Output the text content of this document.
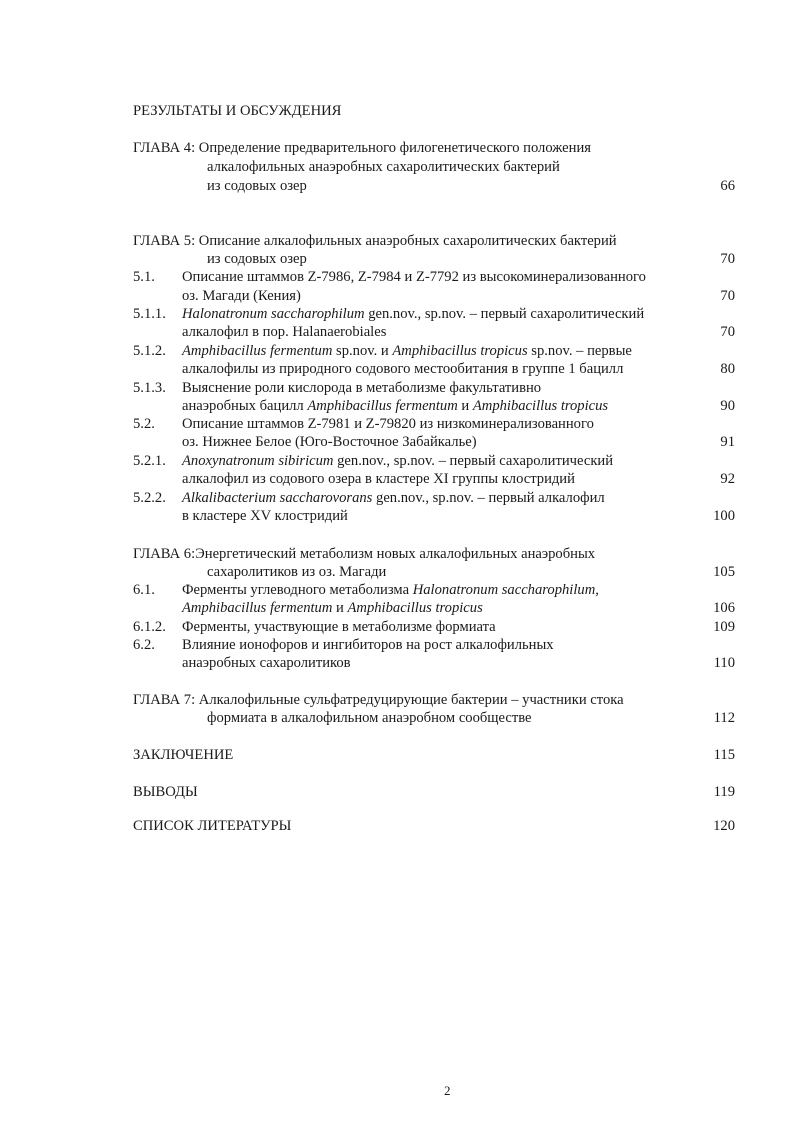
РЕЗУЛЬТАТЫ И ОБСУЖДЕНИЯ
ГЛАВА 4: Определение предварительного филогенетического положения
алкалофильных анаэробных сахаролитических бактерий
из содовых озер	66
ГЛАВА 5: Описание алкалофильных анаэробных сахаролитических бактерий
из содовых озер	70
5.1. Описание штаммов Z-7986, Z-7984 и Z-7792 из высокоминерализованного
оз. Магади (Кения)	70
5.1.1. Halonatronum saccharophilum gen.nov., sp.nov. – первый сахаролитический
алкалофил в пор. Halanaerobiales	70
5.1.2. Amphibacillus fermentum sp.nov. и Amphibacillus tropicus sp.nov. – первые
алкалофилы из природного содового местообитания в группе 1 бацилл	80
5.1.3. Выяснение роли кислорода в метаболизме факультативно
анаэробных бацилл Amphibacillus fermentum и Amphibacillus tropicus	90
5.2. Описание штаммов Z-7981 и Z-79820 из низкоминерализованного
оз. Нижнее Белое (Юго-Восточное Забайкалье)	91
5.2.1. Anoxynatronum sibiricum gen.nov., sp.nov. – первый сахаролитический
алкалофил из содового озера в кластере XI группы клостридий	92
5.2.2. Alkalibacterium saccharovorans gen.nov., sp.nov. – первый алкалофил
в кластере XV клостридий	100
ГЛАВА 6:Энергетический метаболизм новых алкалофильных анаэробных
сахаролитиков из оз. Магади	105
6.1. Ферменты углеводного метаболизма Halonatronum saccharophilum,
Amphibacillus fermentum и Amphibacillus tropicus	106
6.1.2. Ферменты, участвующие в метаболизме формиата	109
6.2. Влияние ионофоров и ингибиторов на рост алкалофильных
анаэробных сахаролитиков	110
ГЛАВА 7: Алкалофильные сульфатредуцирующие бактерии – участники стока
формиата в алкалофильном анаэробном сообществе	112
ЗАКЛЮЧЕНИЕ	115
ВЫВОДЫ	119
СПИСОК ЛИТЕРАТУРЫ	120
2
